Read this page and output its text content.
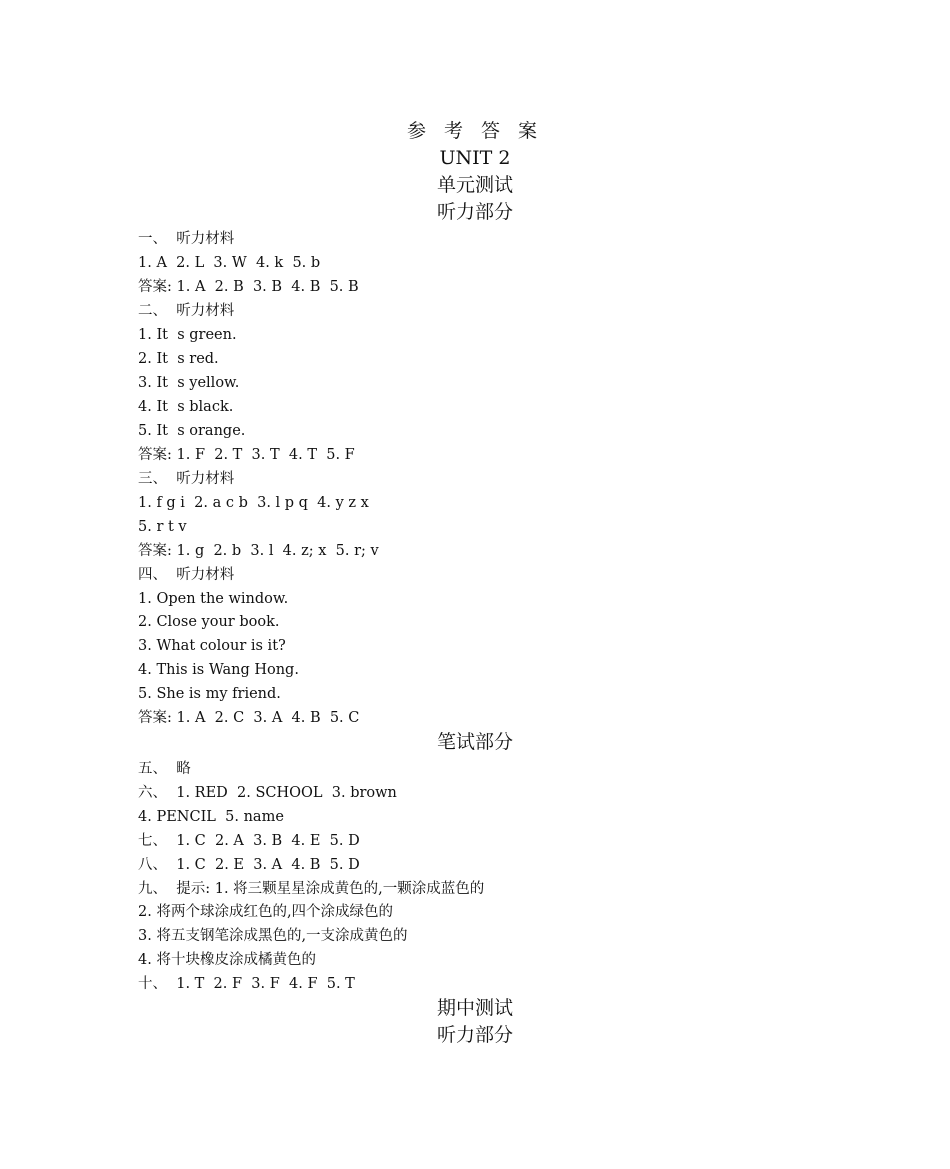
参 考 答 案
UNIT 2
单元测试
听力部分
一、  听力材料
1. A  2. L  3. W  4. k  5. b
答案: 1. A  2. B  3. B  4. B  5. B
二、  听力材料
1. It  s green.
2. It  s red.
3. It  s yellow.
4. It  s black.
5. It  s orange.
答案: 1. F  2. T  3. T  4. T  5. F
三、  听力材料
1. f g i  2. a c b  3. l p q  4. y z x
5. r t v
答案: 1. g  2. b  3. l  4. z; x  5. r; v
四、  听力材料
1. Open the window.
2. Close your book.
3. What colour is it?
4. This is Wang Hong.
5. She is my friend.
答案: 1. A  2. C  3. A  4. B  5. C
笔试部分
五、  略
六、  1. RED  2. SCHOOL  3. brown
4. PENCIL  5. name
七、  1. C  2. A  3. B  4. E  5. D
八、  1. C  2. E  3. A  4. B  5. D
九、  提示: 1. 将三颗星星涂成黄色的,一颗涂成蓝色的
2. 将两个球涂成红色的,四个涂成绿色的
3. 将五支钢笔涂成黑色的,一支涂成黄色的
4. 将十块橡皮涂成橘黄色的
十、  1. T  2. F  3. F  4. F  5. T
期中测试
听力部分
